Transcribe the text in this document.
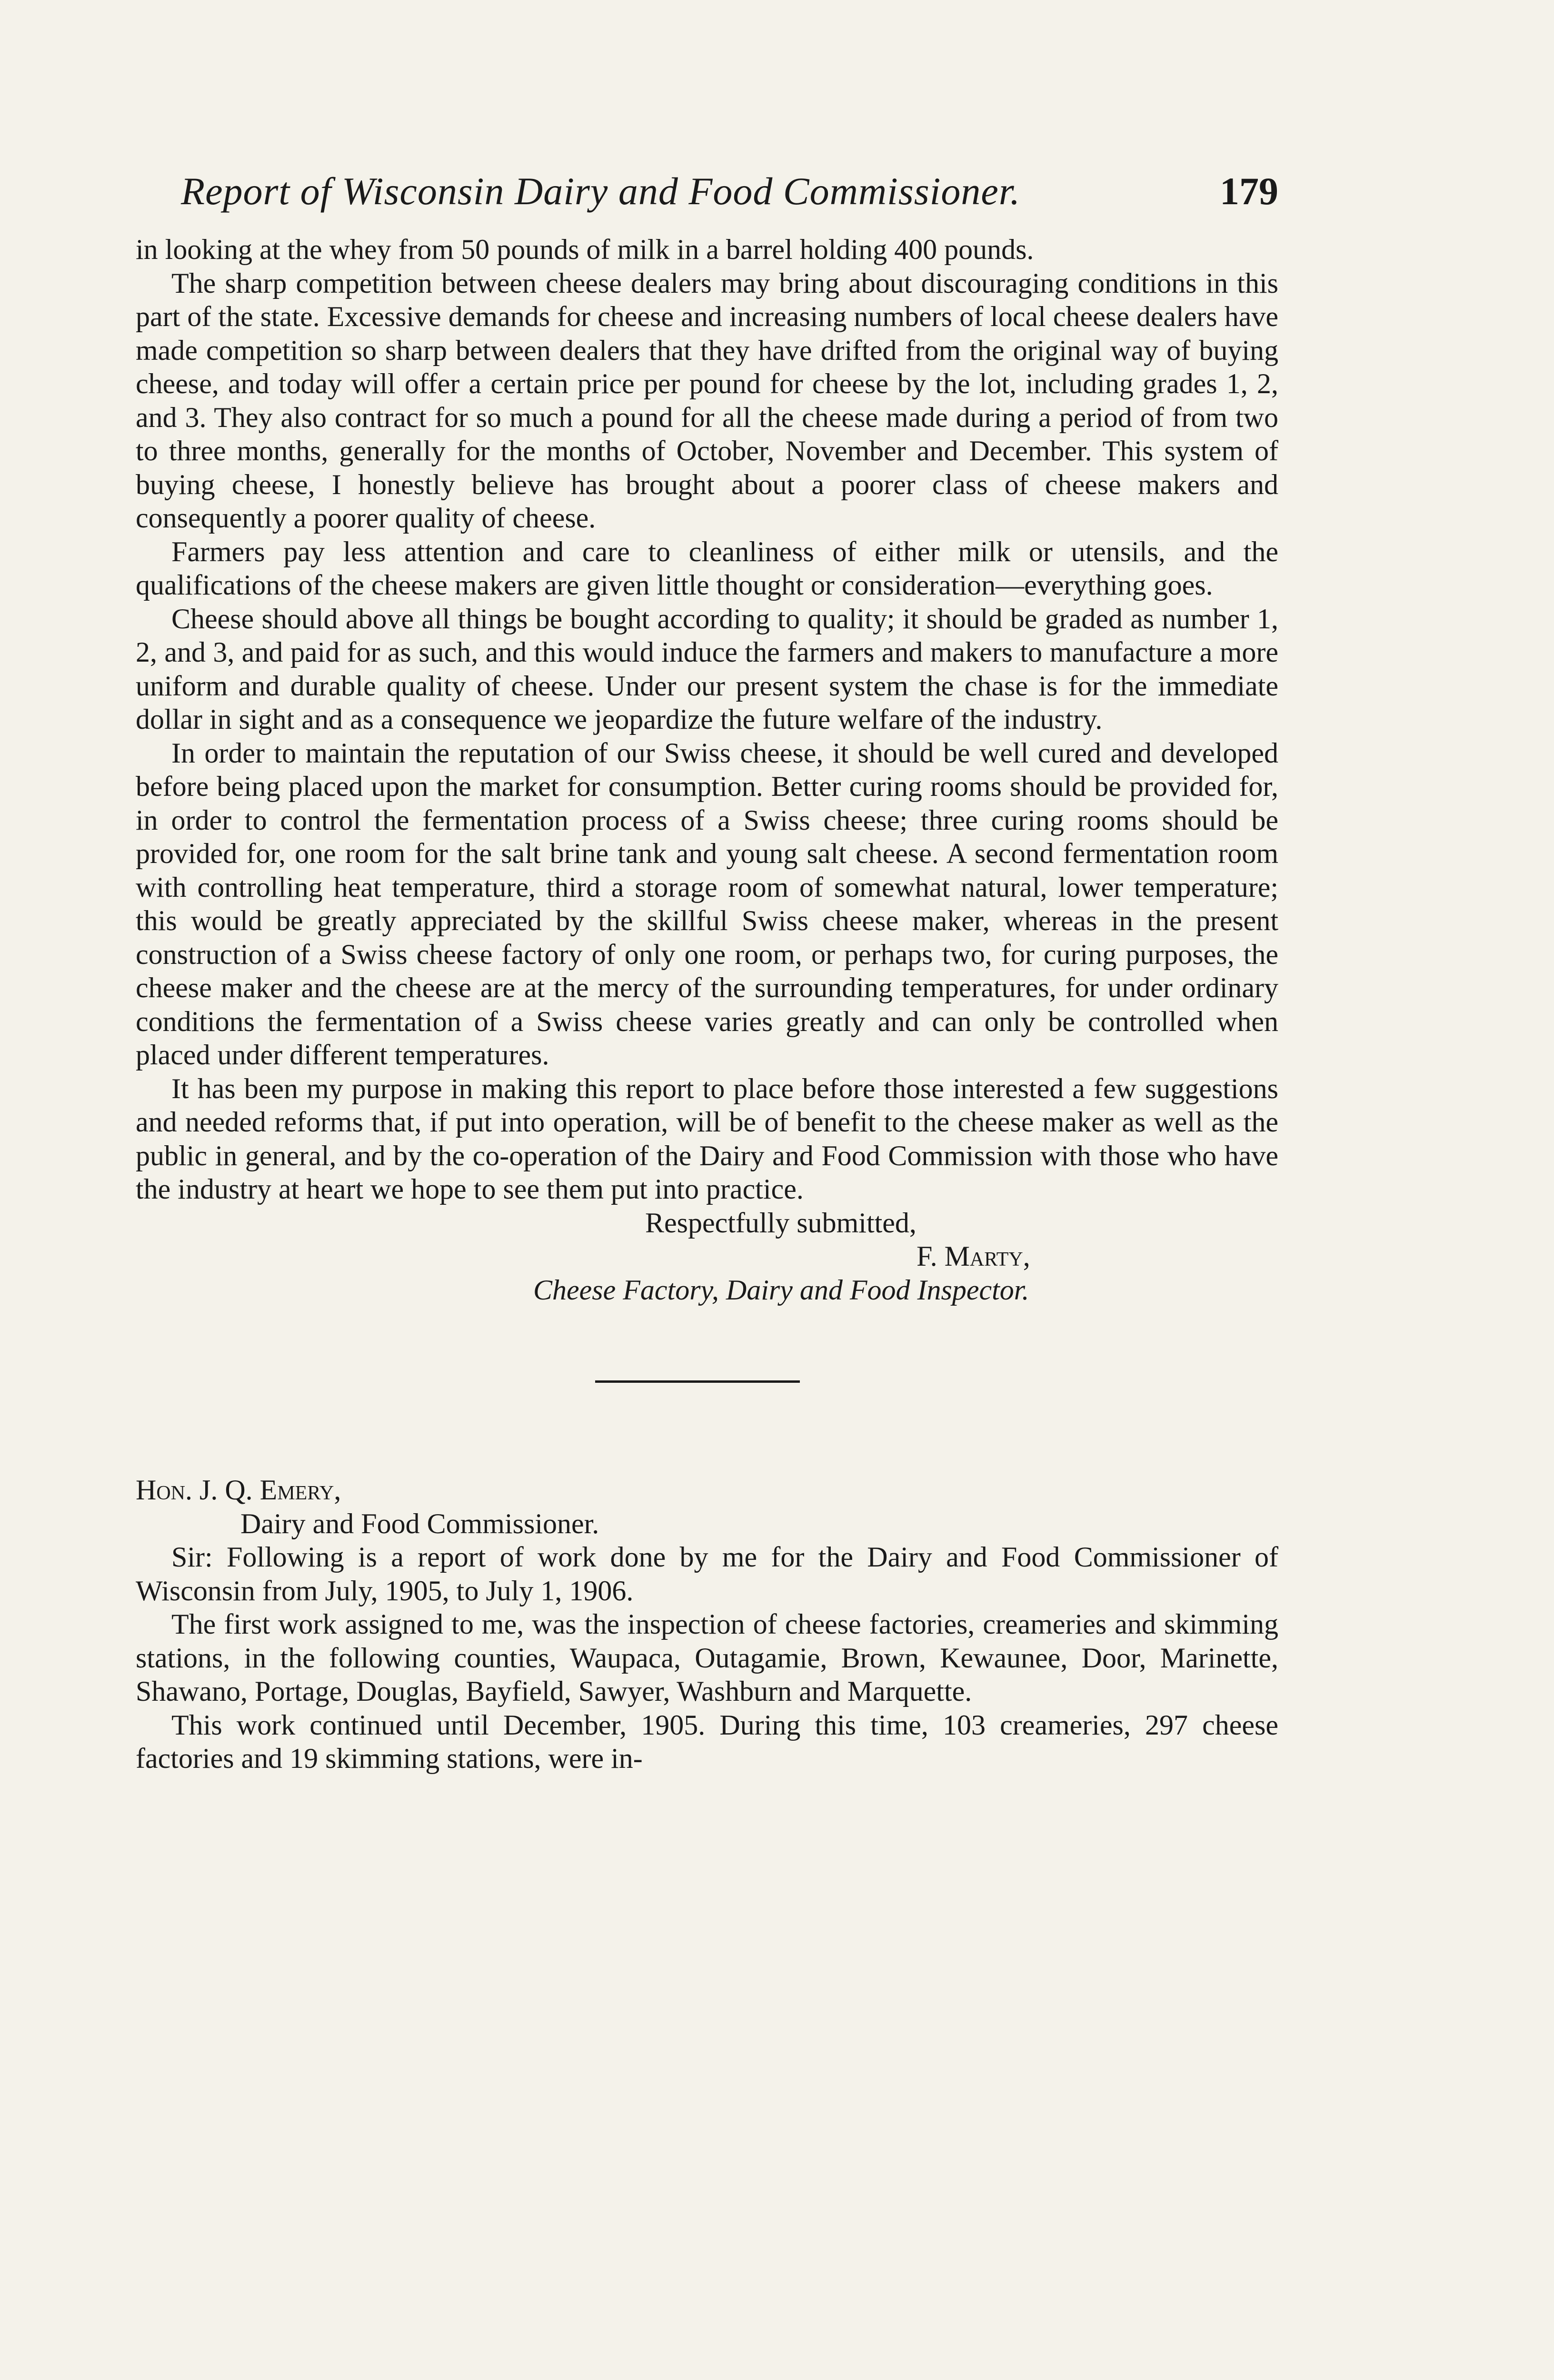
Report of Wisconsin Dairy and Food Commissioner.	179

in looking at the whey from 50 pounds of milk in a barrel holding 400 pounds.

The sharp competition between cheese dealers may bring about discouraging conditions in this part of the state. Excessive demands for cheese and increasing numbers of local cheese dealers have made competition so sharp between dealers that they have drifted from the original way of buying cheese, and today will offer a certain price per pound for cheese by the lot, including grades 1, 2, and 3. They also contract for so much a pound for all the cheese made during a period of from two to three months, generally for the months of October, November and December. This system of buying cheese, I honestly believe has brought about a poorer class of cheese makers and consequently a poorer quality of cheese.

Farmers pay less attention and care to cleanliness of either milk or utensils, and the qualifications of the cheese makers are given little thought or consideration—everything goes.

Cheese should above all things be bought according to quality; it should be graded as number 1, 2, and 3, and paid for as such, and this would induce the farmers and makers to manufacture a more uniform and durable quality of cheese. Under our present system the chase is for the immediate dollar in sight and as a consequence we jeopardize the future welfare of the industry.

In order to maintain the reputation of our Swiss cheese, it should be well cured and developed before being placed upon the market for consumption. Better curing rooms should be provided for, in order to control the fermentation process of a Swiss cheese; three curing rooms should be provided for, one room for the salt brine tank and young salt cheese. A second fermentation room with controlling heat temperature, third a storage room of somewhat natural, lower temperature; this would be greatly appreciated by the skillful Swiss cheese maker, whereas in the present construction of a Swiss cheese factory of only one room, or perhaps two, for curing purposes, the cheese maker and the cheese are at the mercy of the surrounding temperatures, for under ordinary conditions the fermentation of a Swiss cheese varies greatly and can only be controlled when placed under different temperatures.

It has been my purpose in making this report to place before those interested a few suggestions and needed reforms that, if put into operation, will be of benefit to the cheese maker as well as the public in general, and by the co-operation of the Dairy and Food Commission with those who have the industry at heart we hope to see them put into practice.

Respectfully submitted,
F. Marty,
Cheese Factory, Dairy and Food Inspector.
Hon. J. Q. Emery,
Dairy and Food Commissioner.

Sir: Following is a report of work done by me for the Dairy and Food Commissioner of Wisconsin from July, 1905, to July 1, 1906.

The first work assigned to me, was the inspection of cheese factories, creameries and skimming stations, in the following counties, Waupaca, Outagamie, Brown, Kewaunee, Door, Marinette, Shawano, Portage, Douglas, Bayfield, Sawyer, Washburn and Marquette.

This work continued until December, 1905. During this time, 103 creameries, 297 cheese factories and 19 skimming stations, were in-
